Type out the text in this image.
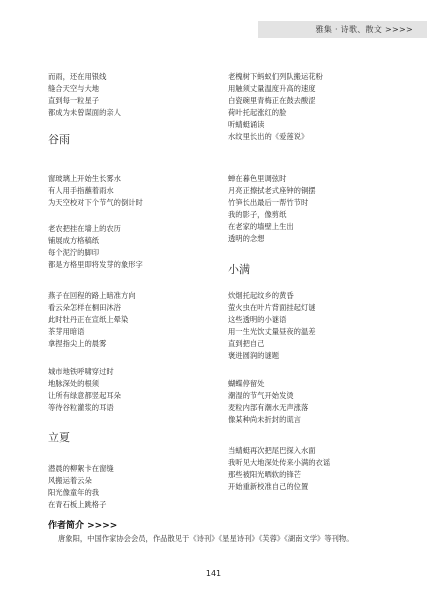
雅集 · 诗歌、散文 >>>>
而雨，还在用银线
缝合天空与大地
直到每一粒星子
都成为未曾谋面的亲人
谷雨
窗玻璃上开始生长雾水
有人用手指蘸着雨水
为天空校对下个节气的倒计时
老农把挂在墙上的农历
铺展成方格稿纸
每个泥泞的脚印
都是方格里即将发芽的象形字
燕子在回程的路上暗准方向
看云朵怎样在桐田沐浴
此时牡丹正在宣纸上晕染
茶芽用暗语
拿捏指尖上的晨雾
城市地铁呼啸穿过时
地脉深处的根须
让所有绿意都竖起耳朵
等待谷粒灌浆的耳语
立夏
潜晨的柳絮卡在窗缝
风搬运着云朵
阳光像童年的我
在青石板上跳格子
老槐树下蚂蚁们列队搬运花粉
用触须丈量温度升高的速度
白瓷碗里青梅正在鼓去酸涩
荷叶托起涨红的脸
听蜻蜓诵读
水纹里长出的《爱莲说》
蝉在暮色里调弦时
月亮正擦拭老式座钟的铜摆
竹笋长出最后一帮竹节时
我的影子，像剪纸
在老家的墙壁上生出
透明的念想
小满
炊烟托起纹乡的黄昏
萤火虫在叶片背面挂起灯谜
这些透明的小谜语
用一生光饮丈量昼夜的温差
直到把自己
褒进圆润的谜题
蝴蝶停留处
潮湿的节气开始发烫
麦粒内部有潮水无声涨落
像某种尚未折封的谎言
当蜻蜓再次把尾巴探入水面
我听见大地深处传来小满的衣谣
那些被阳光晒软的锋芒
开始重新校准自己的位置
作者简介 >>>>
唐象阳，中国作家协会会员，作品散见于《诗刊》《星星诗刊》《芙蓉》《湖南文学》等刊物。
141
